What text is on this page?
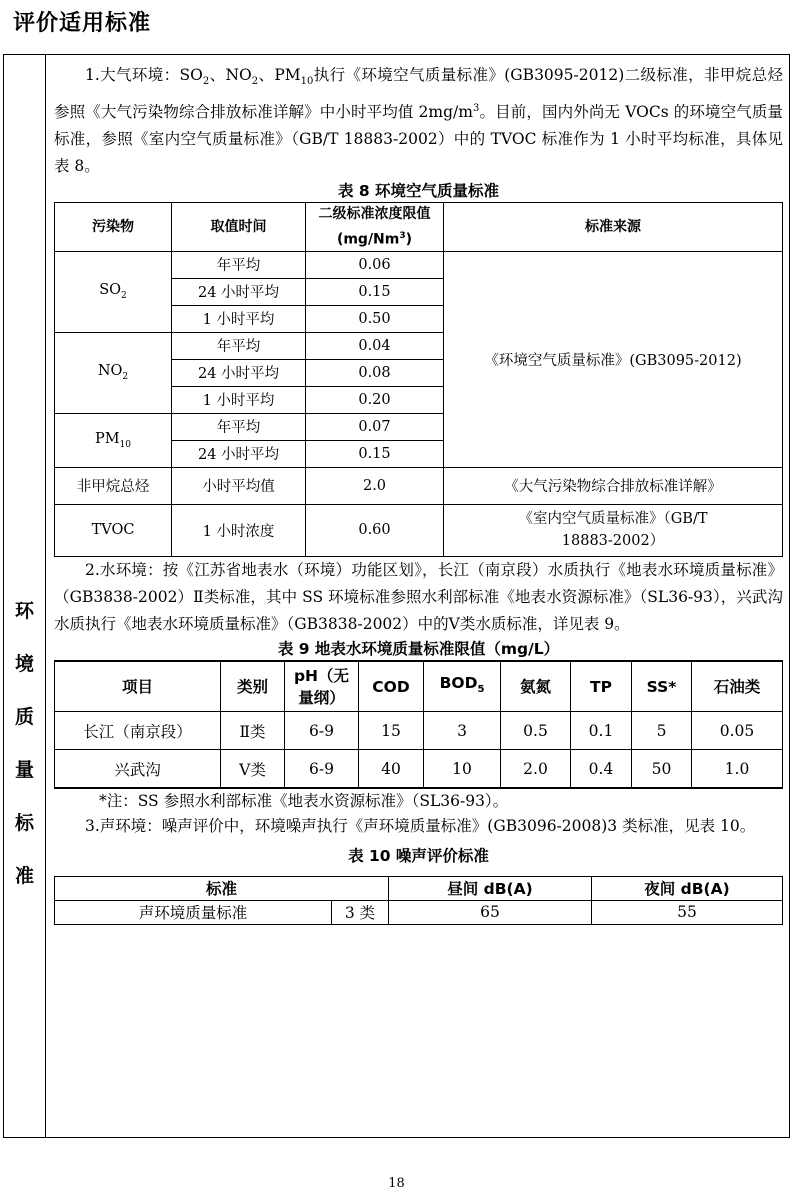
评价适用标准
环
境
质
量
标
准

1.大气环境：$SO_2$、$NO_2$、$PM_{10}$执行《环境空气质量标准》(GB3095-2012)二级标准，非甲烷总烃参照《大气污染物综合排放标准详解》中小时平均值 $2mg/m^3$。目前，国内外尚无 VOCs 的环境空气质量标准，参照《室内空气质量标准》（GB/T 18883-2002）中的 TVOC 标准作为 1 小时平均标准，具体见表 8。

表 8 环境空气质量标准
污染物	取值时间	二级标准浓度限值(mg/Nm$^3$)	标准来源
$SO_2$	年平均	0.06	《环境空气质量标准》(GB3095-2012)
	24 小时平均	0.15	
	1 小时平均	0.50	
$NO_2$	年平均	0.04	
	24 小时平均	0.08	
	1 小时平均	0.20	
$PM_{10}$	年平均	0.07	
	24 小时平均	0.15	
非甲烷总烃	小时平均值	2.0	《大气污染物综合排放标准详解》
TVOC	1 小时浓度	0.60	《室内空气质量标准》（GB/T
18883-2002）

2.水环境：按《江苏省地表水（环境）功能区划》，长江（南京段）水质执行《地表水环境质量标准》（GB3838-2002）Ⅱ类标准，其中 SS 环境标准参照水利部标准《地表水资源标准》（SL36-93），兴武沟水质执行《地表水环境质量标准》（GB3838-2002）中的Ⅴ类水质标准，详见表 9。

表 9 地表水环境质量标准限值（mg/L）
项目	类别	pH（无
量纲）	COD	$BOD_5$	氨氮	TP	SS*	石油类
长江（南京段）	Ⅱ类	6-9	15	3	0.5	0.1	5	0.05
兴武沟	Ⅴ类	6-9	40	10	2.0	0.4	50	1.0

*注：SS 参照水利部标准《地表水资源标准》（SL36-93）。

3.声环境：噪声评价中，环境噪声执行《声环境质量标准》(GB3096-2008)3 类标准，见表 10。

表 10 噪声评价标准
标准		昼间 dB(A)	夜间 dB(A)
声环境质量标准	3 类	65	55
18
